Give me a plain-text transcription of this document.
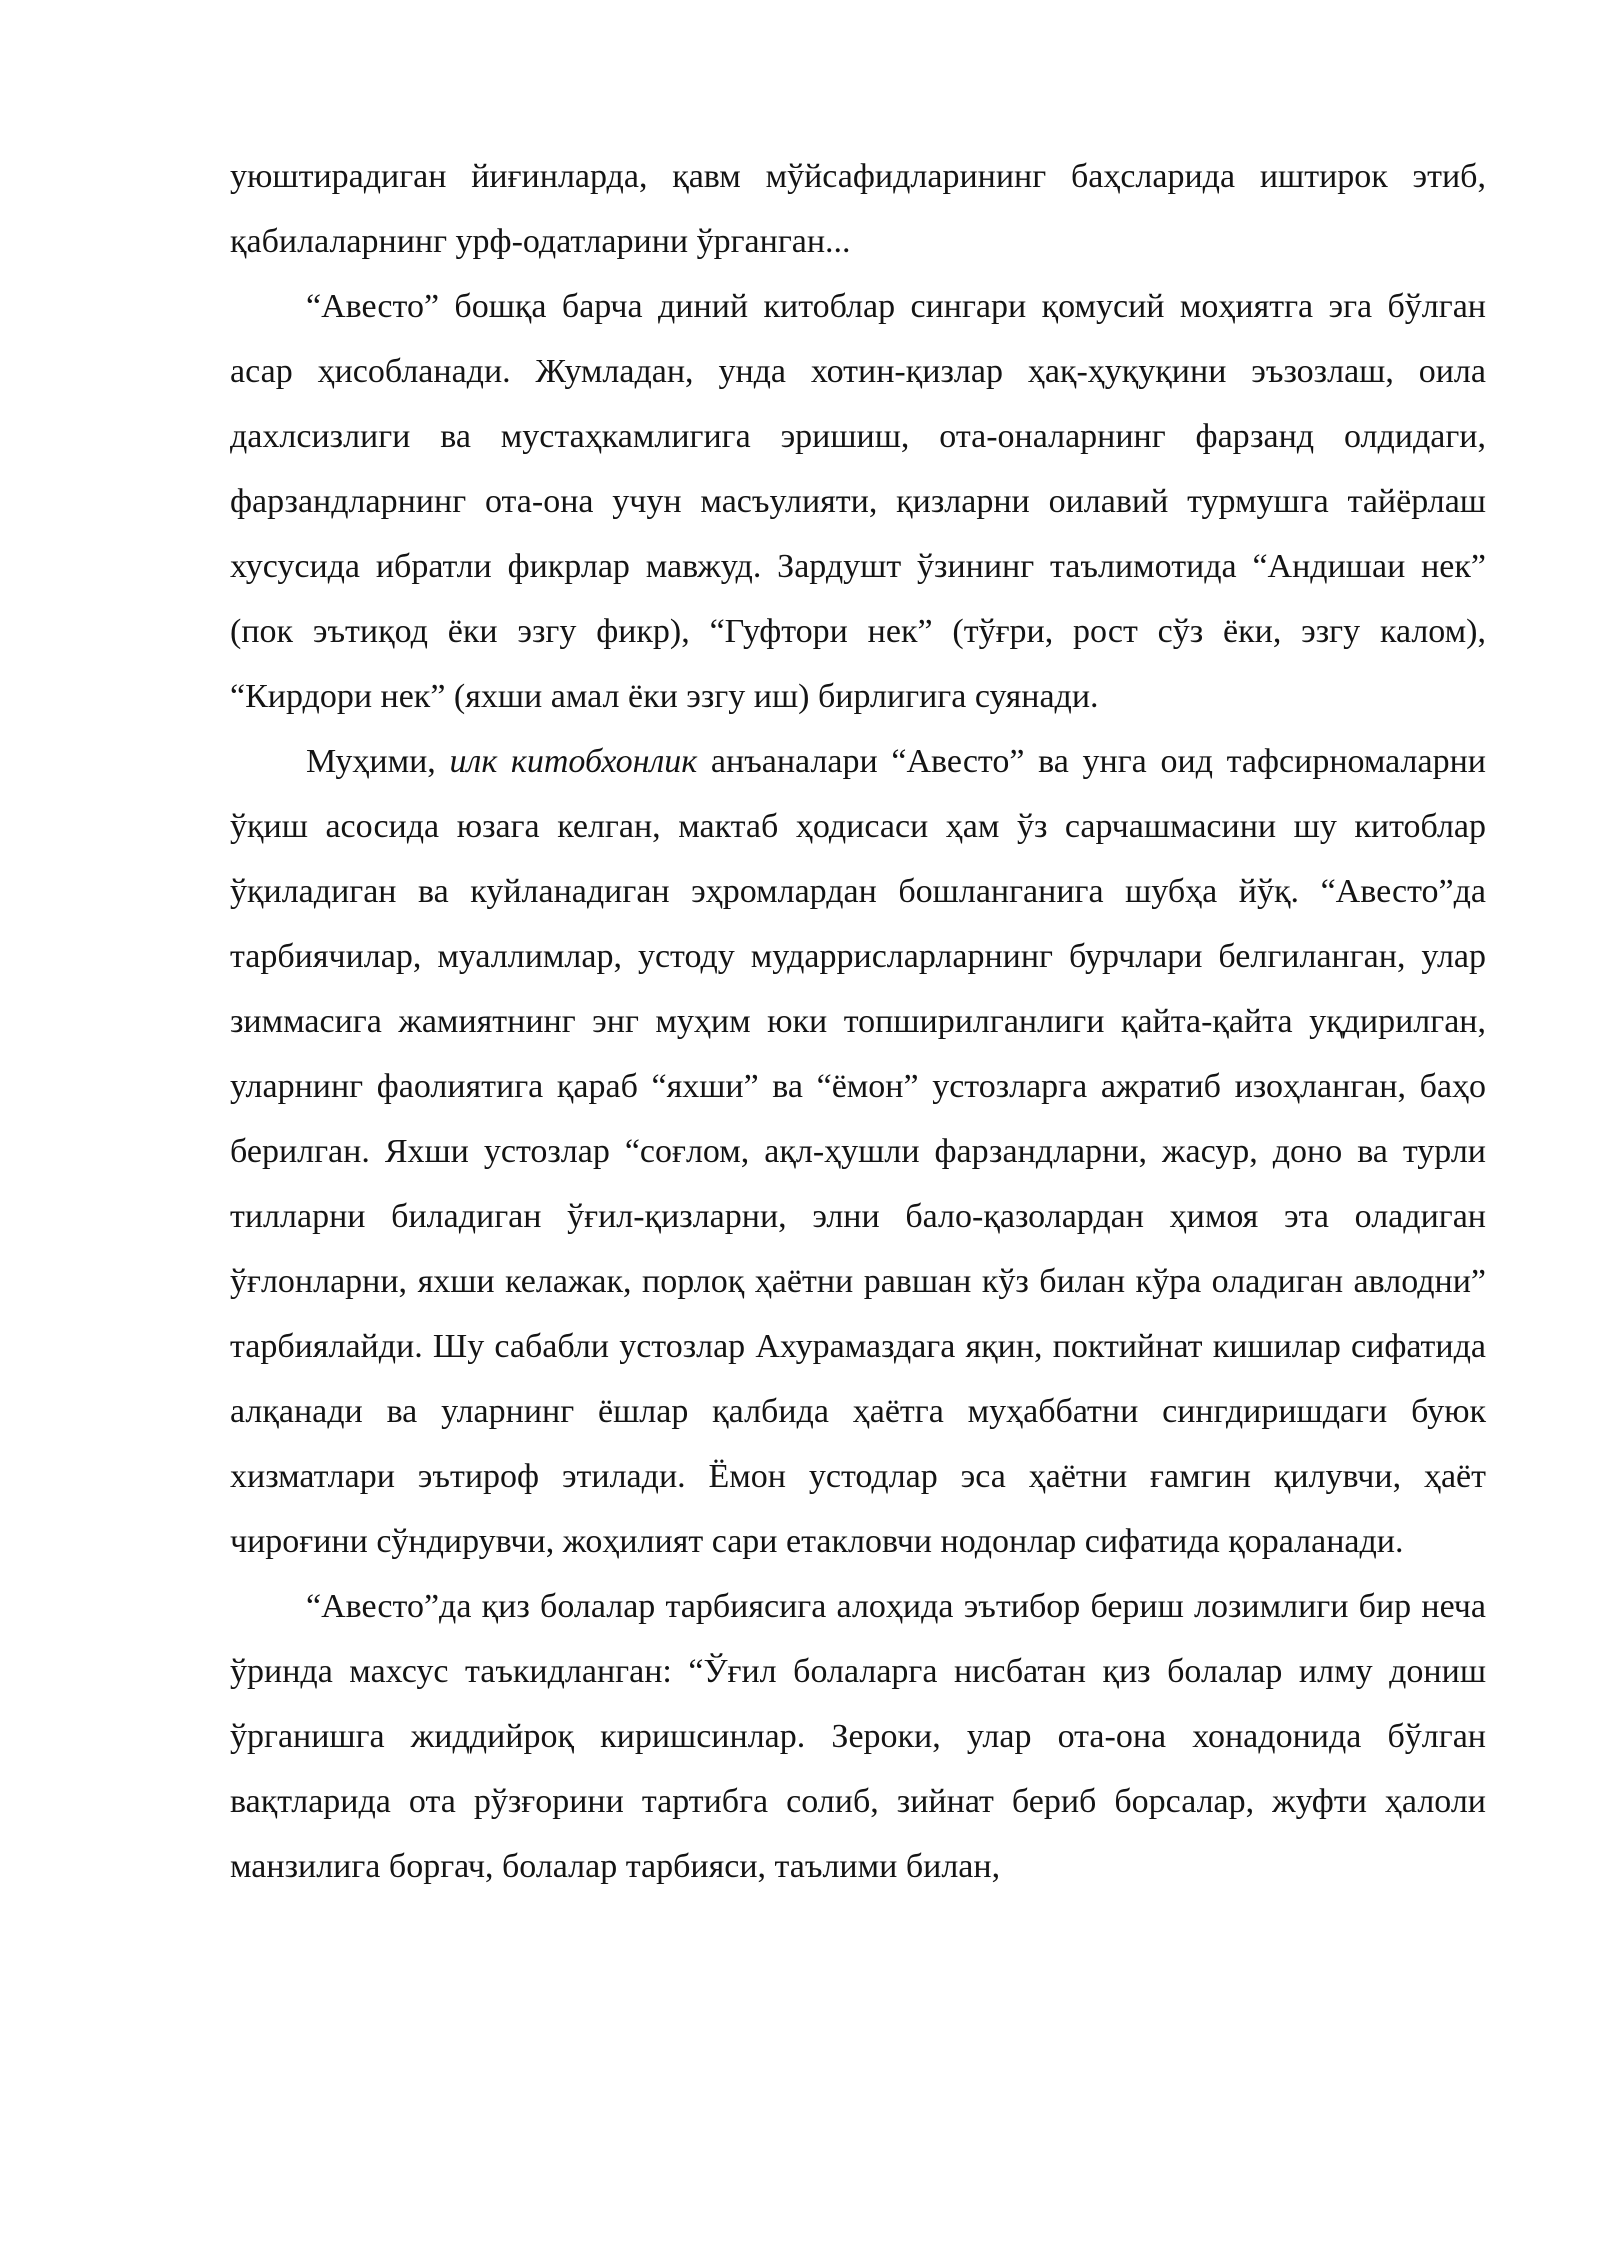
уюштирадиган йиғинларда, қавм мўйсафидларининг баҳсларида иштирок этиб, қабилаларнинг урф-одатларини ўрганган...

“Авесто” бошқа барча диний китоблар сингари қомусий моҳиятга эга бўлган асар ҳисобланади. Жумладан, унда хотин-қизлар ҳақ-ҳуқуқини эъзозлаш, оила дахлсизлиги ва мустаҳкамлигига эришиш, ота-оналарнинг фарзанд олдидаги, фарзандларнинг ота-она учун масъулияти, қизларни оилавий турмушга тайёрлаш хусусида ибратли фикрлар мавжуд. Зардушт ўзининг таълимотида “Андишаи нек” (пок эътиқод ёки эзгу фикр), “Гуфтори нек” (тўғри, рост сўз ёки, эзгу калом), “Кирдори нек” (яхши амал ёки эзгу иш) бирлигига суянади.

Муҳими, илк китобхонлик анъаналари “Авесто” ва унга оид тафсирномаларни ўқиш асосида юзага келган, мактаб ҳодисаси ҳам ўз сарчашмасини шу китоблар ўқиладиган ва куйланадиган эҳромлардан бошланганига шубҳа йўқ. “Авесто”да тарбиячилар, муаллимлар, устоду мударрисларларнинг бурчлари белгиланган, улар зиммасига жамиятнинг энг муҳим юки топширилганлиги қайта-қайта уқдирилган, уларнинг фаолиятига қараб “яхши” ва “ёмон” устозларга ажратиб изоҳланган, баҳо берилган. Яхши устозлар “соғлом, ақл-ҳушли фарзандларни, жасур, доно ва турли тилларни биладиган ўғил-қизларни, элни бало-қазолардан ҳимоя эта оладиган ўғлонларни, яхши келажак, порлоқ ҳаётни равшан кўз билан кўра оладиган авлодни” тарбиялайди. Шу сабабли устозлар Ахурамаздага яқин, поктийнат кишилар сифатида алқанади ва уларнинг ёшлар қалбида ҳаётга муҳаббатни сингдиришдаги буюк хизматлари эътироф этилади. Ёмон устодлар эса ҳаётни ғамгин қилувчи, ҳаёт чироғини сўндирувчи, жоҳилият сари етакловчи нодонлар сифатида қораланади.

“Авесто”да қиз болалар тарбиясига алоҳида эътибор бериш лозимлиги бир неча ўринда махсус таъкидланган: “Ўғил болаларга нисбатан қиз болалар илму дониш ўрганишга жиддийроқ киришсинлар. Зероки, улар ота-она хонадонида бўлган вақтларида ота рўзғорини тартибга солиб, зийнат бериб борсалар, жуфти ҳалоли манзилига боргач, болалар тарбияси, таълими билан,
